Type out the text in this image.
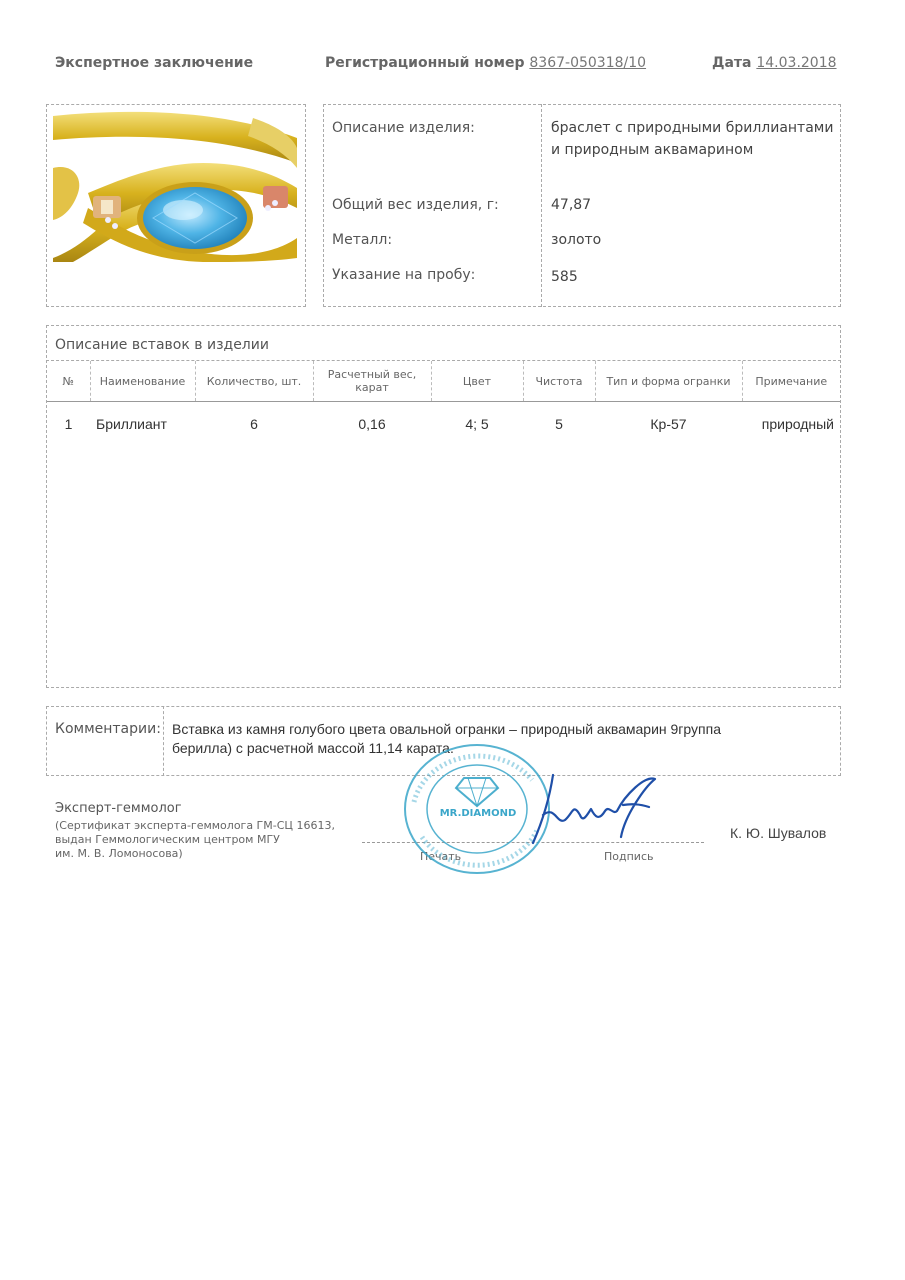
Экспертное заключение	Регистрационный номер 8367-050318/10	Дата 14.03.2018
Описание изделия:	браслет с природными бриллиантами
и природным аквамарином
Общий вес изделия, г:	47,87
Металл:	золото
Указание на пробу:	585
Описание вставок в изделии
№	Наименование	Количество, шт.	Расчетный вес, карат	Цвет	Чистота	Тип и форма огранки	Примечание
1	Бриллиант	6	0,16	4; 5	5	Кр-57	природный
Комментарии: Вставка из камня голубого цвета овальной огранки – природный аквамарин 9группа
берилла) с расчетной массой 11,14 карата.
Эксперт-геммолог
(Сертификат эксперта-геммолога ГМ-СЦ 16613,
выдан Геммологическим центром МГУ
им. М. В. Ломоносова)	Печать	Подпись
К. Ю. Шувалов
MR.DIAMOND
